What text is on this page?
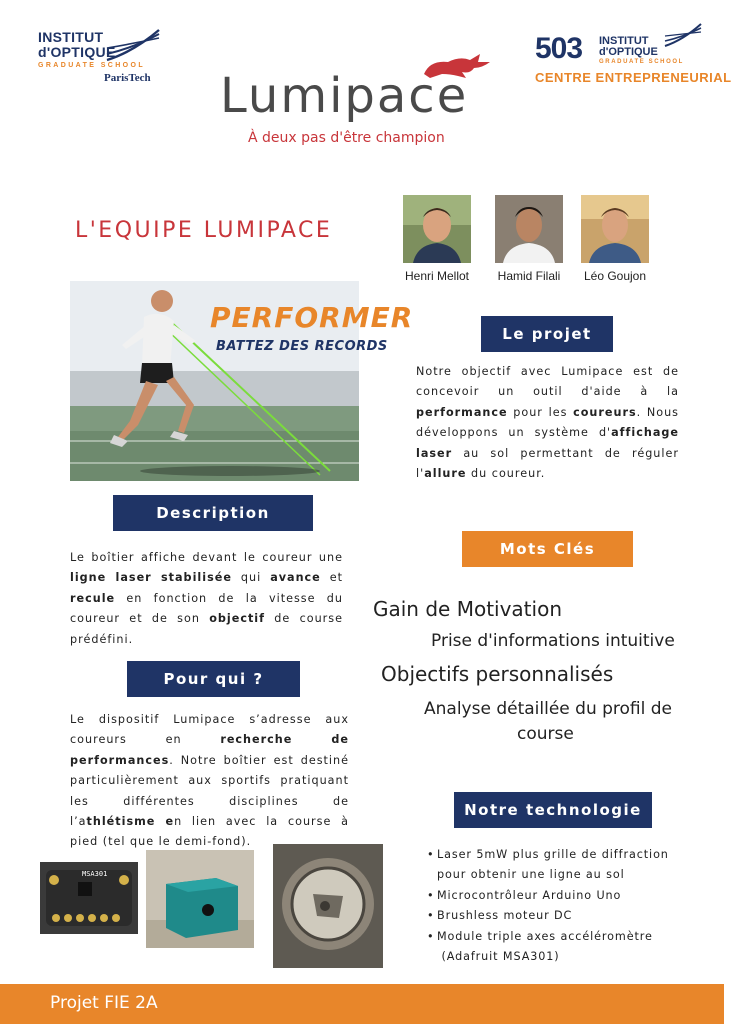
INSTITUT
d'OPTIQUE
GRADUATE SCHOOL
ParisTech
503 INSTITUT
d'OPTIQUE
GRADUATE SCHOOL
CENTRE ENTREPRENEURIAL
Lumipace
À deux pas d'être champion
L'EQUIPE LUMIPACE
Henri Mellot	Hamid Filali	Léo Goujon
PERFORMER
BATTEZ DES RECORDS
Le projet
Notre objectif avec Lumipace est de concevoir un outil d'aide à la performance pour les coureurs. Nous développons un système d'affichage laser au sol permettant de réguler l'allure du coureur.
Description
Le boîtier affiche devant le coureur une ligne laser stabilisée qui avance et recule en fonction de la vitesse du coureur et de son objectif de course prédéfini.
Mots Clés
Gain de Motivation
Prise d'informations intuitive
Objectifs personnalisés
Analyse détaillée du profil de
course
Pour qui ?
Le dispositif Lumipace s’adresse aux coureurs en recherche de performances. Notre boîtier est destiné particulièrement aux sportifs pratiquant les différentes disciplines de l’athlétisme en lien avec la course à pied (tel que le demi-fond).
Notre technologie
• Laser 5mW plus grille de diffraction
pour obtenir une ligne au sol
• Microcontrôleur Arduino Uno
• Brushless moteur DC
• Module triple axes accéléromètre
(Adafruit MSA301)
MSA301
Projet FIE 2A
